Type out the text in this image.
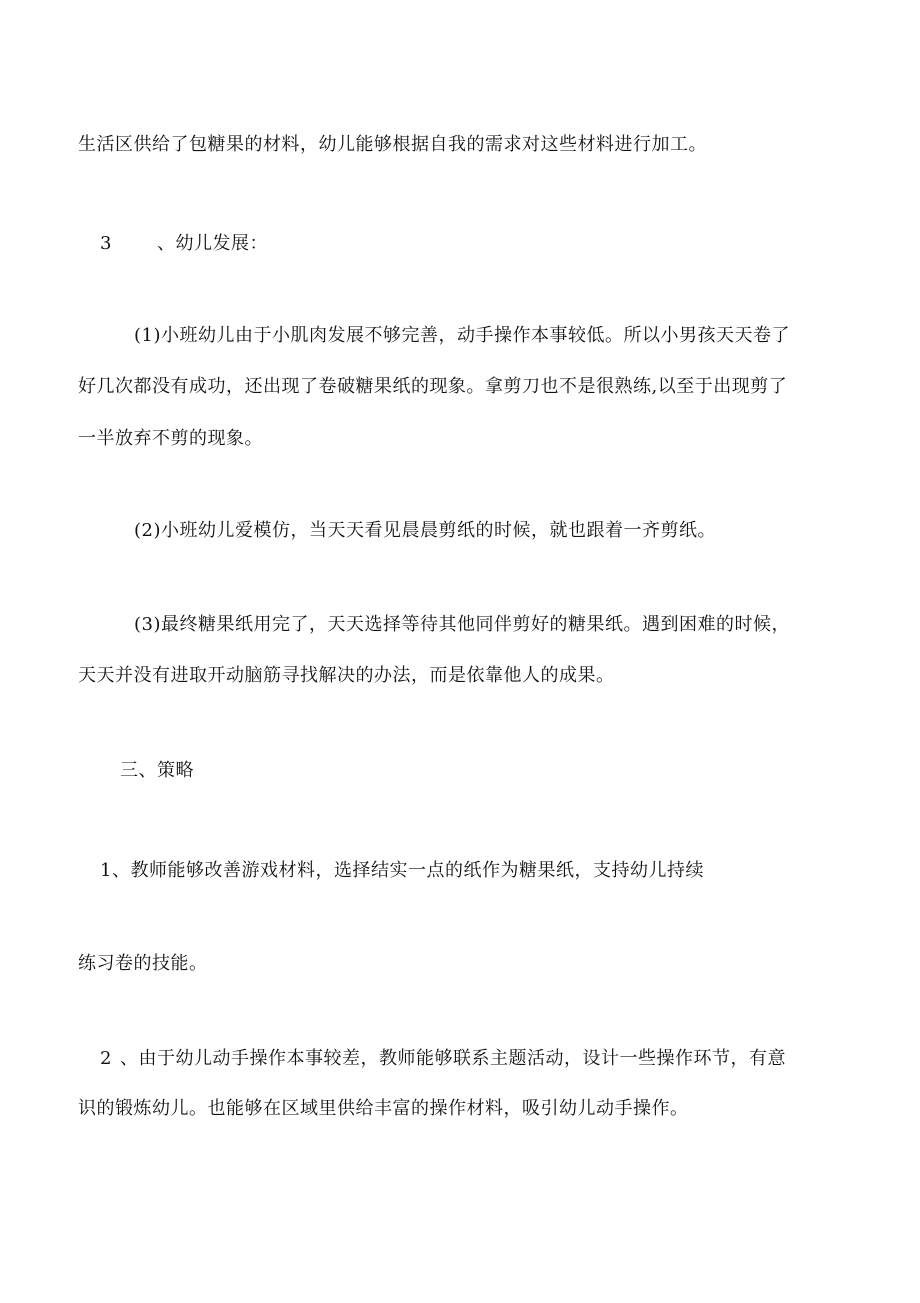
生活区供给了包糖果的材料，幼儿能够根据自我的需求对这些材料进行加工。
3	、幼儿发展：
(1)小班幼儿由于小肌肉发展不够完善，动手操作本事较低。所以小男孩天天卷了
好几次都没有成功，还出现了卷破糖果纸的现象。拿剪刀也不是很熟练,以至于出现剪了
一半放弃不剪的现象。
(2)小班幼儿爱模仿，当天天看见晨晨剪纸的时候，就也跟着一齐剪纸。
(3)最终糖果纸用完了，天天选择等待其他同伴剪好的糖果纸。遇到困难的时候，
天天并没有进取开动脑筋寻找解决的办法，而是依靠他人的成果。
三、策略
1、教师能够改善游戏材料，选择结实一点的纸作为糖果纸，支持幼儿持续
练习卷的技能。
2 、由于幼儿动手操作本事较差，教师能够联系主题活动，设计一些操作环节，有意
识的锻炼幼儿。也能够在区域里供给丰富的操作材料，吸引幼儿动手操作。
